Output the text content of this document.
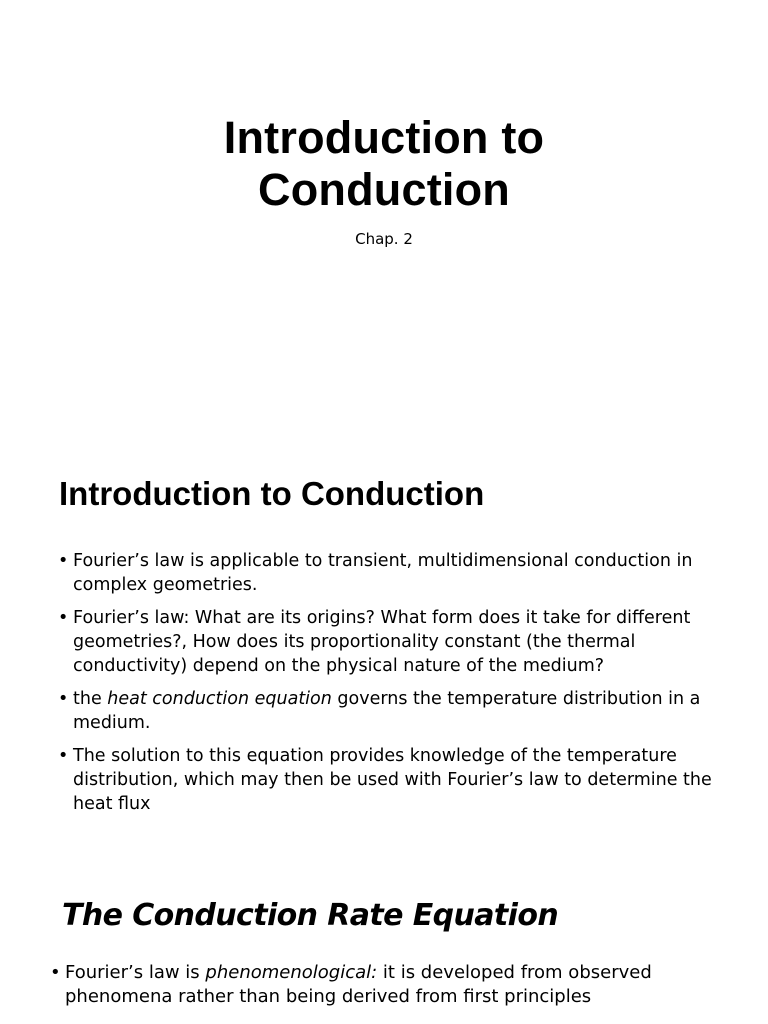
Introduction to
Conduction

Chap. 2

Introduction to Conduction
• Fourier’s law is applicable to transient, multidimensional conduction in complex geometries.
• Fourier’s law: What are its origins? What form does it take for different geometries?, How does its proportionality constant (the thermal conductivity) depend on the physical nature of the medium?
• the heat conduction equation governs the temperature distribution in a medium.
• The solution to this equation provides knowledge of the temperature distribution, which may then be used with Fourier’s law to determine the heat flux
The Conduction Rate Equation
• Fourier’s law is phenomenological: it is developed from observed phenomena rather than being derived from first principles
